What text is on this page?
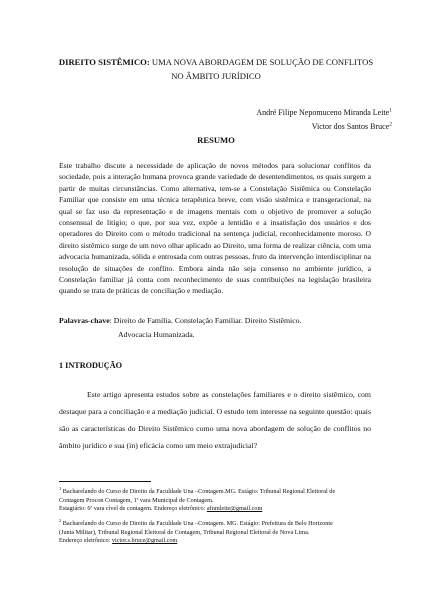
DIREITO SISTÊMICO: UMA NOVA ABORDAGEM DE SOLUÇÃO DE CONFLITOS
NO ÂMBITO JURÍDICO
André Filipe Nepomuceno Miranda Leite$^1$
Victor dos Santos Bruce$^2$
RESUMO
Este trabalho discute a necessidade de aplicação de novos métodos para solucionar conflitos da sociedade, pois a interação humana provoca grande variedade de desentendimentos, os quais surgem a partir de muitas circunstâncias. Como alternativa, tem-se a Constelação Sistêmica ou Constelação Familiar que consiste em uma técnica terapêutica breve, com visão sistêmica e transgeracional, na qual se faz uso da representação e de imagens mentais com o objetivo de promover a solução consensual de litígio; o que, por sua vez, expõe a lentidão e a insatisfação dos usuários e dos operadores do Direito com o método tradicional na sentença judicial, reconhecidamente moroso. O direito sistêmico surge de um novo olhar aplicado ao Direito, uma forma de realizar ciência, com uma advocacia humanizada, sólida e entrosada com outras pessoas, fruto da intervenção interdisciplinar na resolução de situações de conflito. Embora ainda não seja consenso no ambiente jurídico, a Constelação familiar já conta com reconhecimento de suas contribuições na legislação brasileira quando se trata de práticas de conciliação e mediação.
Palavras-chave: Direito de Família. Constelação Familiar. Direito Sistêmico.
Advocacia Humanizada.
1 INTRODUÇÃO
Este artigo apresenta estudos sobre as constelações familiares e o direito sistêmico, com destaque para a conciliação e a mediação judicial. O estudo tem interesse na seguinte questão: quais são as características do Direito Sistêmico como uma nova abordagem de solução de conflitos no âmbito jurídico e sua (in) eficácia como um meio extrajudicial?
$^1$ Bacharelando do Curso de Direito da Faculdade Una –Contagem.MG. Estágio: Tribunal Regional Eleitoral de
Contagem Procon Contagem, 1ª vara Municipal de Contagem.
Estagiário: 6ª vara cível de contagem. Endereço eletrônico: afnmleite@gmail.com
$^2$ Bacharelando do Curso de Direito da Faculdade Una –Contagem. MG. Estágio: Prefeitura de Belo Horizonte
(Junta Militar), Tribunal Regional Eleitoral de Contagem, Tribunal Regional Eleitoral de Nova Lima.
Endereço eletrônico: victor.s.bruce@gmail.com
